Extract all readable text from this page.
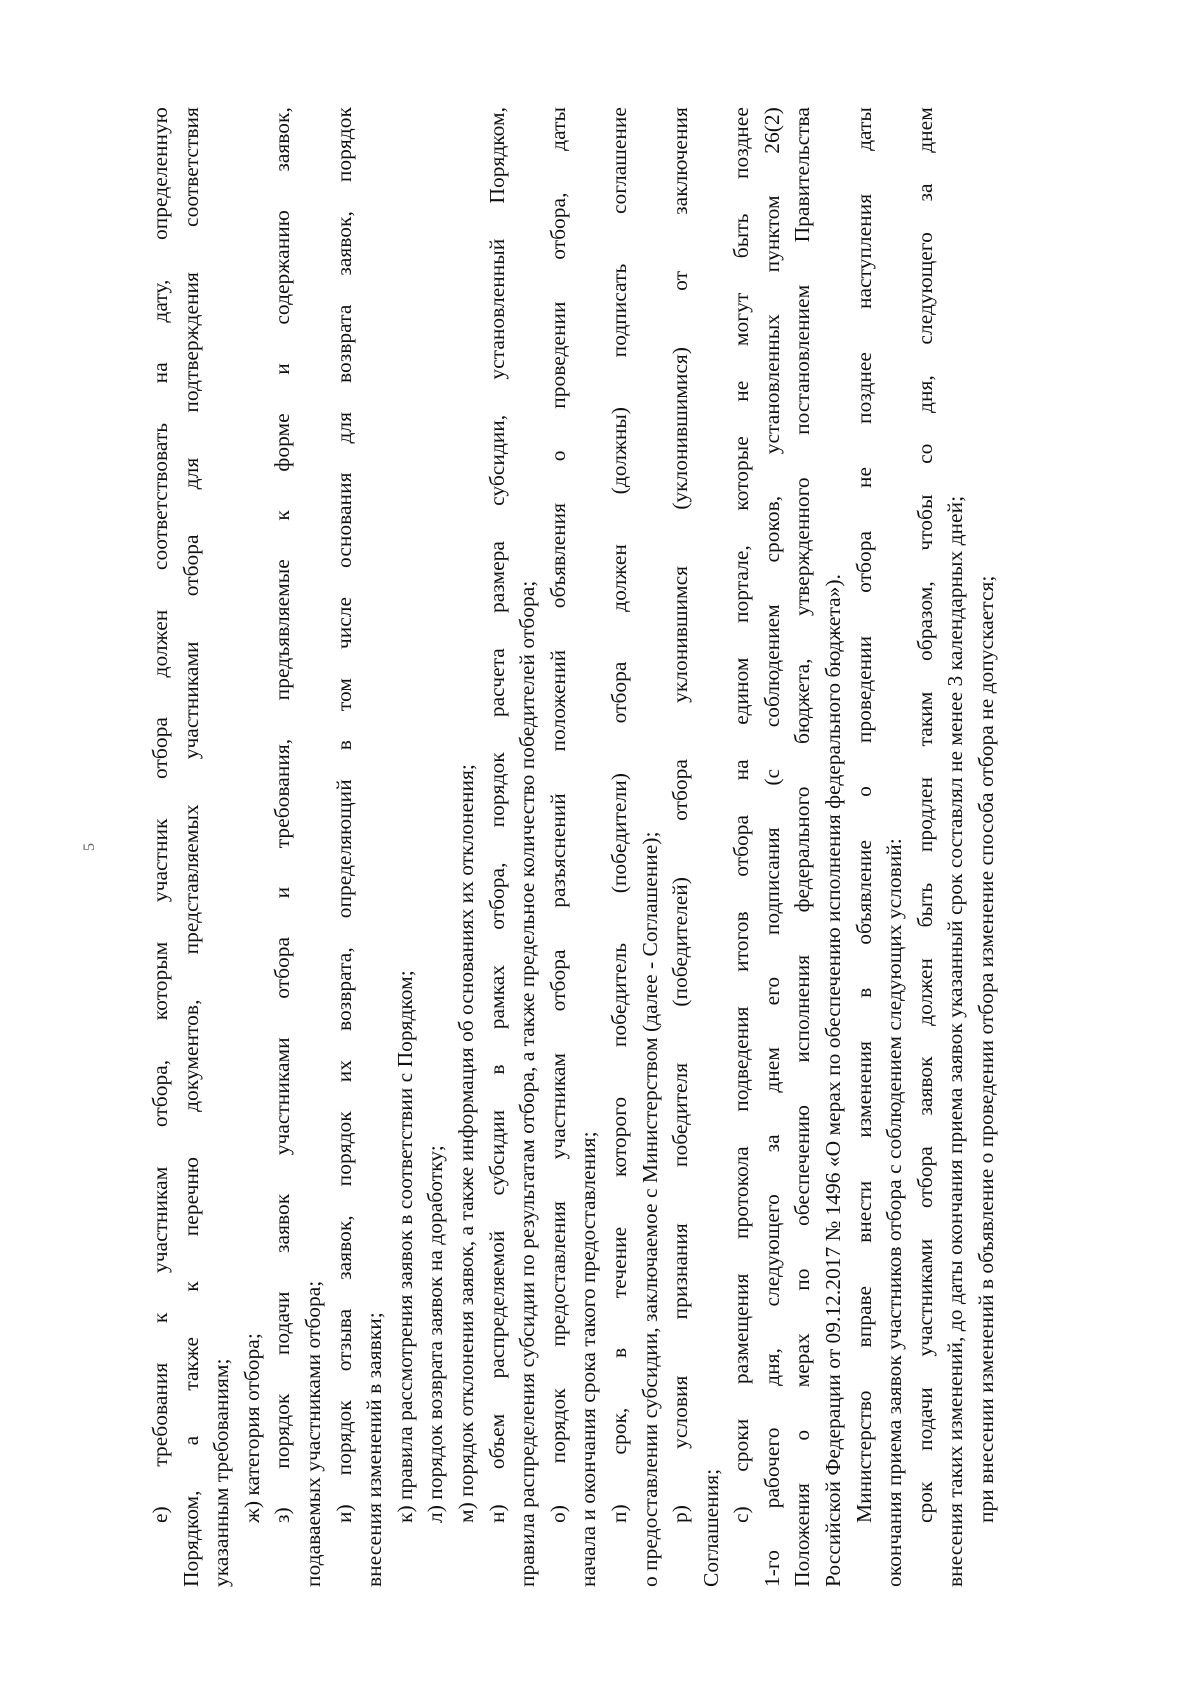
5
е)
требования
к
участникам
отбора,
которым
участник
отбора
должен
соответствовать
на
дату,
определенную
Порядком,
а
также
к
перечню
документов,
представляемых
участниками
отбора
для
подтверждения
соответствия
указанным требованиям; ж) категория отбора; з)
порядок
подачи
заявок
участниками
отбора
и
требования,
предъявляемые
к
форме
и
содержанию
заявок,
подаваемых участниками отбора; и)
порядок
отзыва
заявок,
порядок
их
возврата,
определяющий
в
том
числе
основания
для
возврата
заявок,
порядок
внесения изменений в заявки; к) правила рассмотрения заявок в соответствии с Порядком; л) порядок возврата заявок на доработку; м) порядок отклонения заявок, а также информация об основаниях их отклонения; н)
объем
распределяемой
субсидии
в
рамках
отбора,
порядок
расчета
размера
субсидии,
установленный
Порядком,
правила распределения субсидии по результатам отбора, а также предельное количество победителей отбора; о)
порядок
предоставления
участникам
отбора
разъяснений
положений
объявления
о
проведении
отбора,
даты
начала и окончания срока такого предоставления; п)
срок,
в
течение
которого
победитель
(победители)
отбора
должен
(должны)
подписать
соглашение
о предоставлении субсидии, заключаемое с Министерством (далее - Соглашение); р)
условия
признания
победителя
(победителей)
отбора
уклонившимся
(уклонившимися)
от
заключения
Соглашения; с)
сроки
размещения
протокола
подведения
итогов
отбора
на
едином
портале,
которые
не
могут
быть
позднее
1-го
рабочего
дня,
следующего
за
днем
его
подписания
(с
соблюдением
сроков,
установленных
пунктом
26(2)
Положения
о
мерах
по
обеспечению
исполнения
федерального
бюджета,
утвержденного
постановлением
Правительства
Российской Федерации от 09.12.2017 № 1496 «О мерах по обеспечению исполнения федерального бюджета»). Министерство
вправе
внести
изменения
в
объявление
о
проведении
отбора
не
позднее
наступления
даты
окончания приема заявок участников отбора с соблюдением следующих условий: срок
подачи
участниками
отбора
заявок
должен
быть
продлен
таким
образом,
чтобы
со
дня,
следующего
за
днем
внесения таких изменений, до даты окончания приема заявок указанный срок составлял не менее 3 календарных дней; при внесении изменений в объявление о проведении отбора изменение способа отбора не допускается;
